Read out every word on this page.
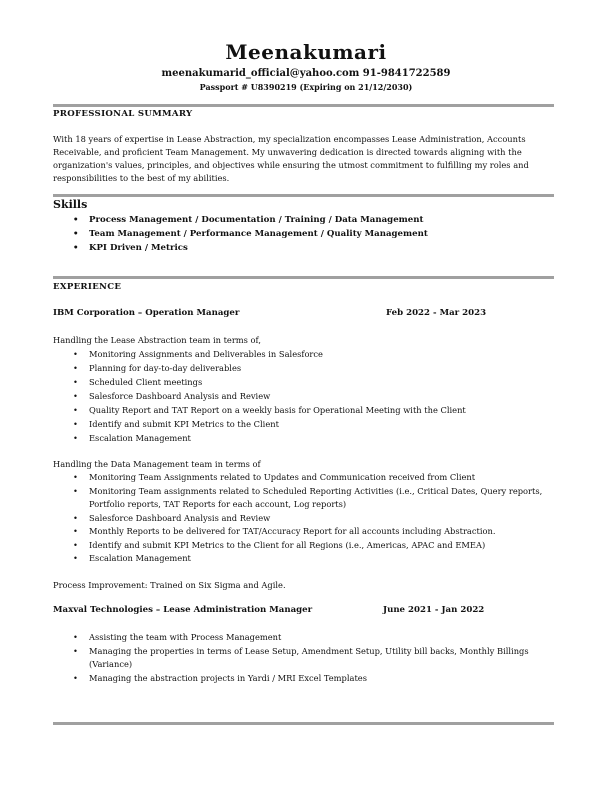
Meenakumari
meenakumarid_official@yahoo.com 91-9841722589
Passport # U8390219 (Expiring on 21/12/2030)
PROFESSIONAL SUMMARY
With 18 years of expertise in Lease Abstraction, my specialization encompasses Lease Administration, Accounts Receivable, and proficient Team Management. My unwavering dedication is directed towards aligning with the organization's values, principles, and objectives while ensuring the utmost commitment to fulfilling my roles and responsibilities to the best of my abilities.
Skills
• Process Management / Documentation / Training / Data Management
• Team Management / Performance Management / Quality Management
• KPI Driven / Metrics
EXPERIENCE
IBM Corporation – Operation Manager	Feb 2022 - Mar 2023
Handling the Lease Abstraction team in terms of,
• Monitoring Assignments and Deliverables in Salesforce
• Planning for day-to-day deliverables
• Scheduled Client meetings
• Salesforce Dashboard Analysis and Review
• Quality Report and TAT Report on a weekly basis for Operational Meeting with the Client
• Identify and submit KPI Metrics to the Client
• Escalation Management
Handling the Data Management team in terms of
• Monitoring Team Assignments related to Updates and Communication received from Client
• Monitoring Team assignments related to Scheduled Reporting Activities (i.e., Critical Dates, Query reports, Portfolio reports, TAT Reports for each account, Log reports)
• Salesforce Dashboard Analysis and Review
• Monthly Reports to be delivered for TAT/Accuracy Report for all accounts including Abstraction.
• Identify and submit KPI Metrics to the Client for all Regions (i.e., Americas, APAC and EMEA)
• Escalation Management
Process Improvement: Trained on Six Sigma and Agile.
Maxval Technologies – Lease Administration Manager	June 2021 - Jan 2022
• Assisting the team with Process Management
• Managing the properties in terms of Lease Setup, Amendment Setup, Utility bill backs, Monthly Billings (Variance)
• Managing the abstraction projects in Yardi / MRI Excel Templates
